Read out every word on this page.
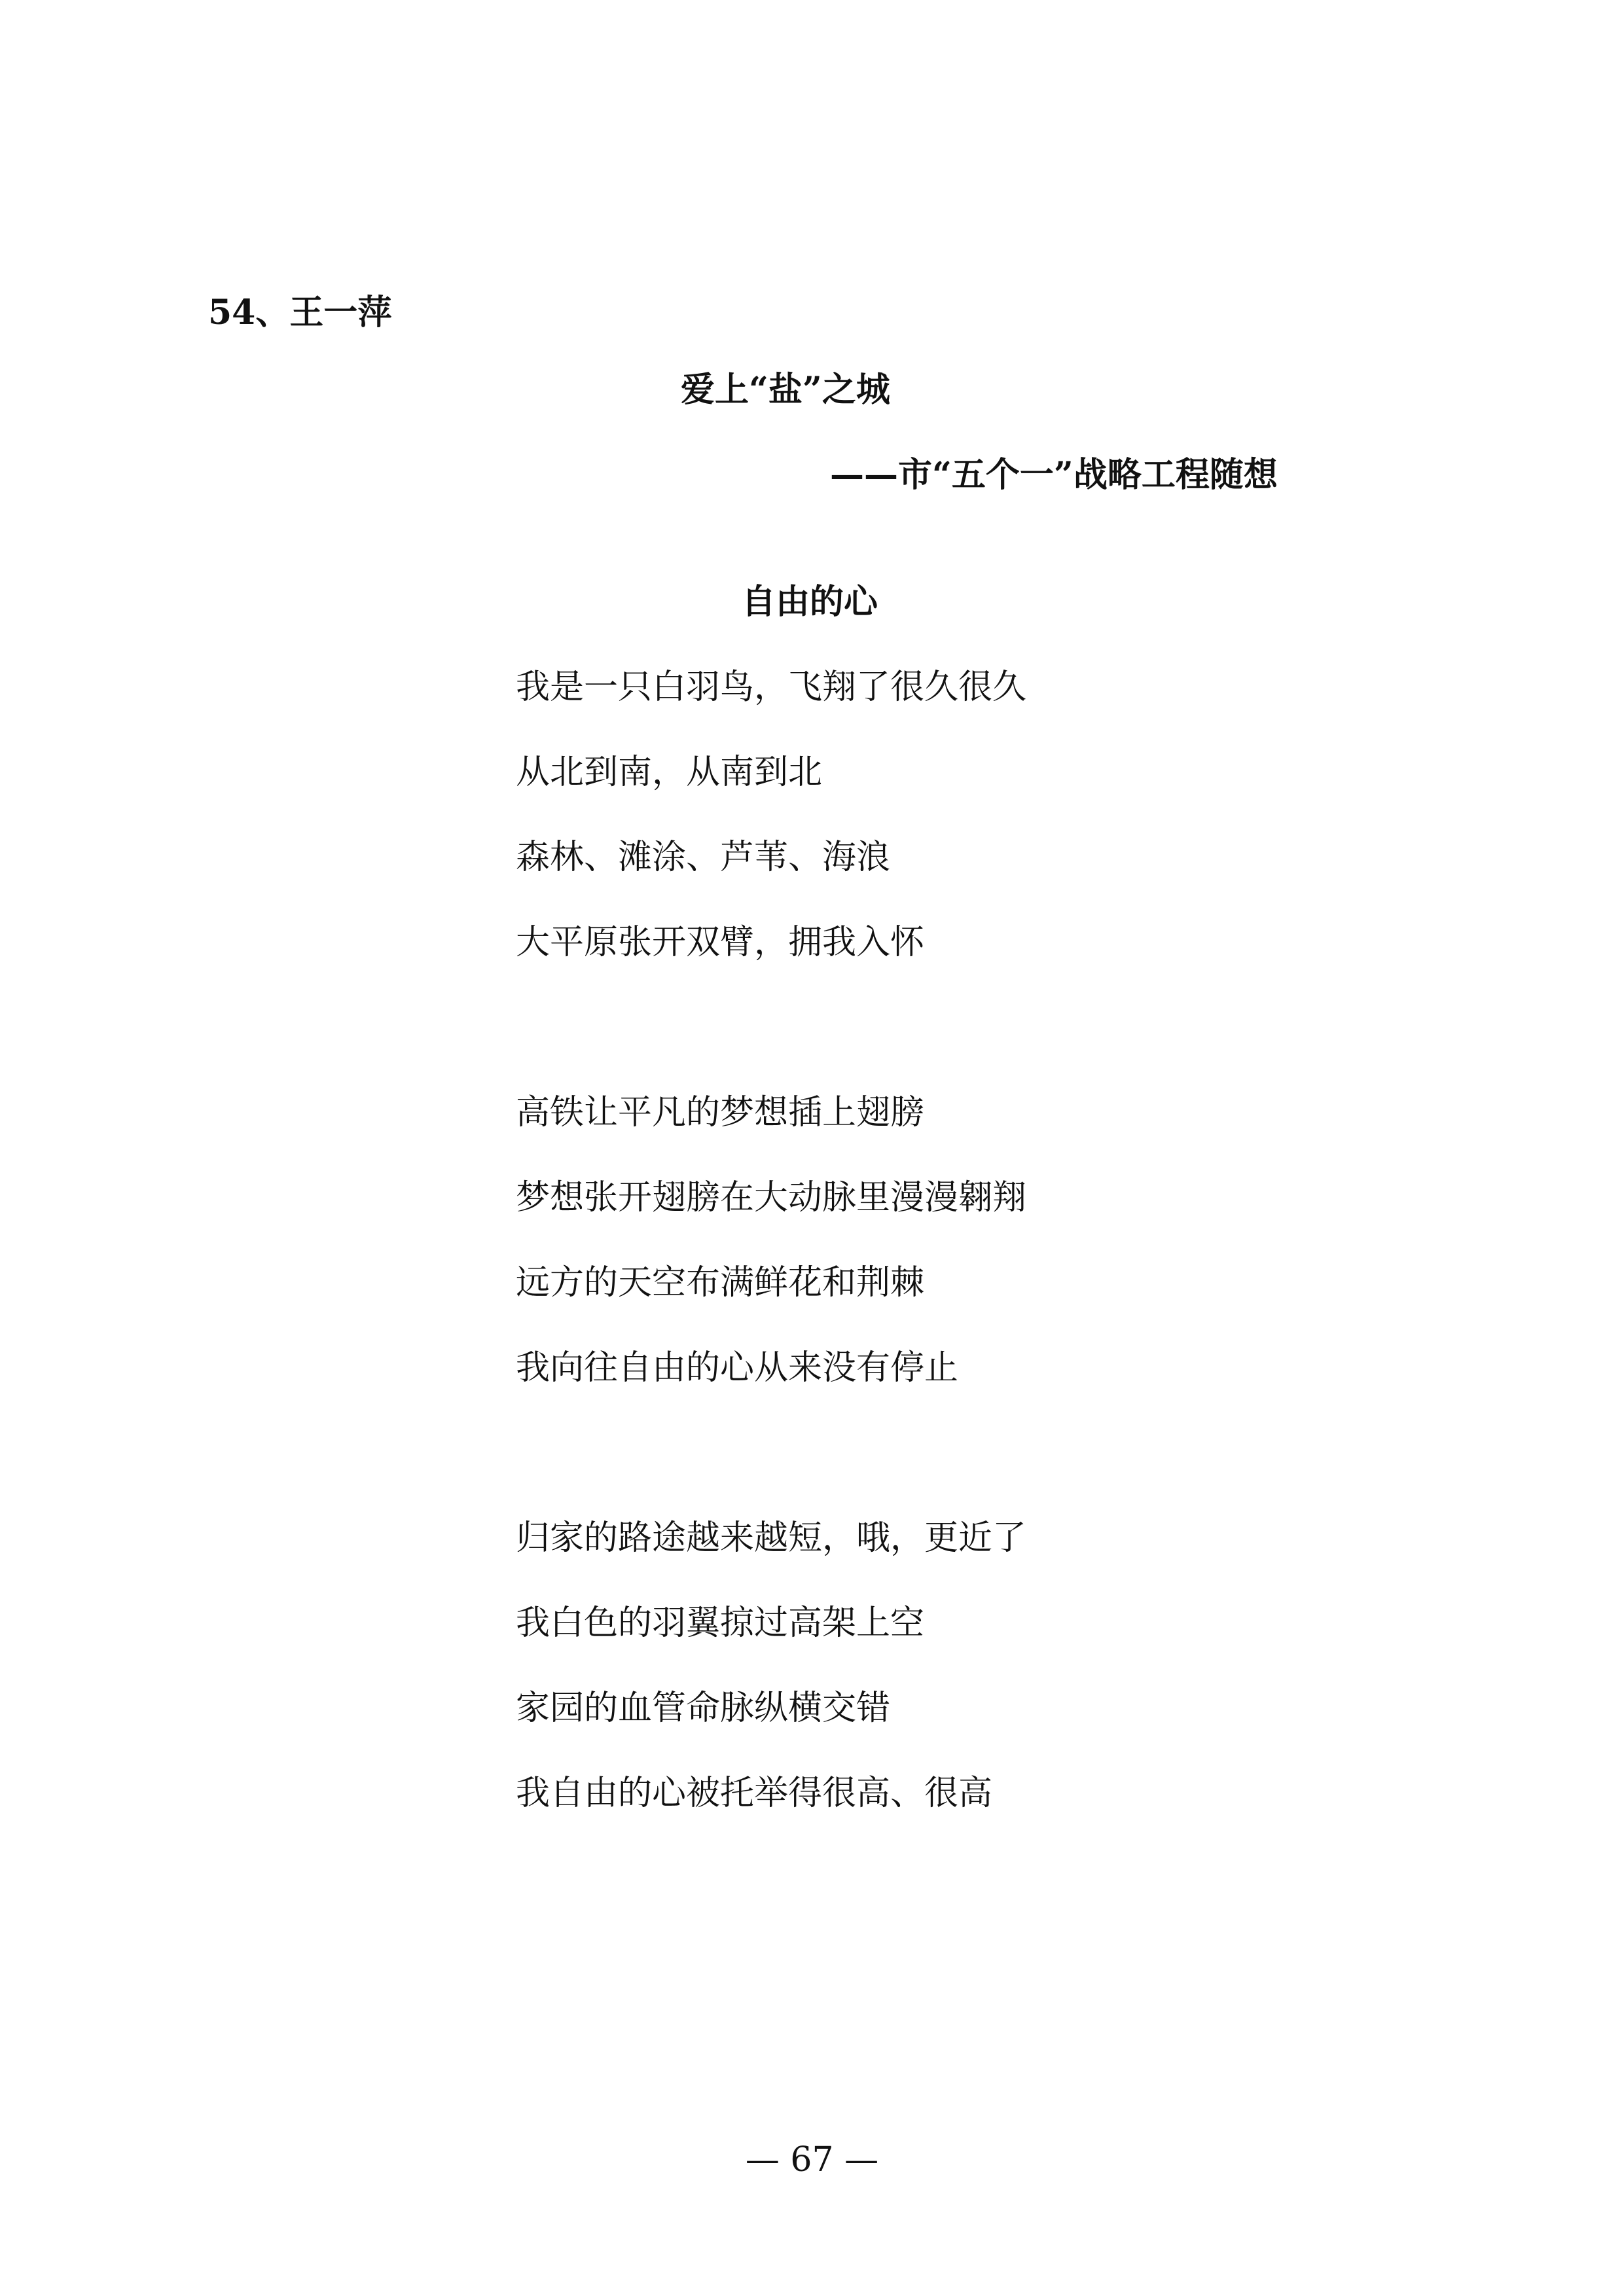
54、王一萍
爱上“盐”之城
——市“五个一”战略工程随想
自由的心
我是一只白羽鸟，飞翔了很久很久
从北到南，从南到北
森林、滩涂、芦苇、海浪
大平原张开双臂，拥我入怀
高铁让平凡的梦想插上翅膀
梦想张开翅膀在大动脉里漫漫翱翔
远方的天空布满鲜花和荆棘
我向往自由的心从来没有停止
归家的路途越来越短，哦，更近了
我白色的羽翼掠过高架上空
家园的血管命脉纵横交错
我自由的心被托举得很高、很高
— 67 —
